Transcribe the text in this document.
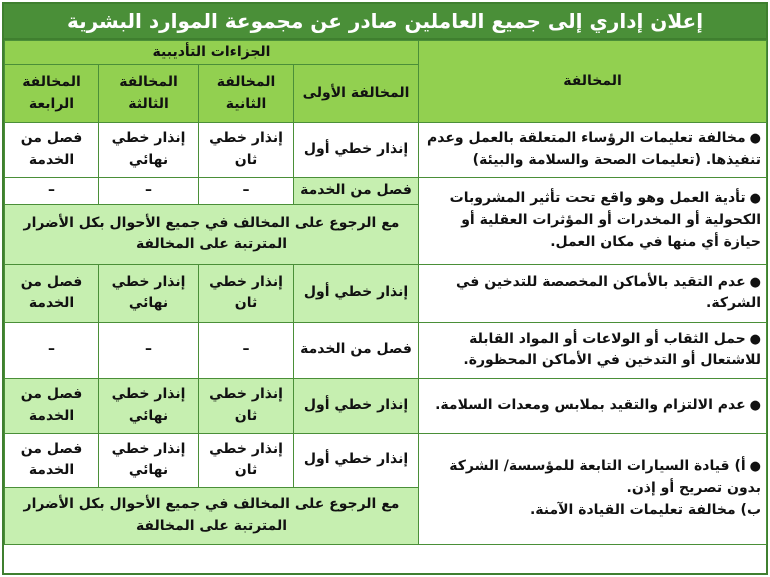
إعلان إداري إلى جميع العاملين صادر عن مجموعة الموارد البشرية
المخالفة	الجزاءات التأديبية			
	المخالفة الأولى	المخالفة الثانية	المخالفة الثالثة	المخالفة الرابعة
●مخالفة تعليمات الرؤساء المتعلقة بالعمل وعدم تنفيذها. (تعليمات الصحة والسلامة والبيئة)	إنذار خطي أول	إنذار خطي ثان	إنذار خطي نهائي	فصل من الخدمة
●تأدية العمل وهو واقع تحت تأثير المشروبات الكحولية أو المخدرات أو المؤثرات العقلية أو حيازة أي منها في مكان العمل.	فصل من الخدمة	–	–	–
	مع الرجوع على المخالف في جميع الأحوال بكل الأضرار المترتبة على المخالفة			
●عدم التقيد بالأماكن المخصصة للتدخين في الشركة.	إنذار خطي أول	إنذار خطي ثان	إنذار خطي نهائي	فصل من الخدمة
●حمل الثقاب أو الولاعات أو المواد القابلة للاشتعال أو التدخين في الأماكن المحظورة.	فصل من الخدمة	–	–	–
●عدم الالتزام والتقيد بملابس ومعدات السلامة.	إنذار خطي أول	إنذار خطي ثان	إنذار خطي نهائي	فصل من الخدمة

●أ) قيادة السيارات التابعة للمؤسسة/ الشركة بدون تصريح أو إذن.
ب) مخالفة تعليمات القيادة الآمنة.	إنذار خطي أول	إنذار خطي ثان	إنذار خطي نهائي	فصل من الخدمة
	مع الرجوع على المخالف في جميع الأحوال بكل الأضرار المترتبة على المخالفة			
